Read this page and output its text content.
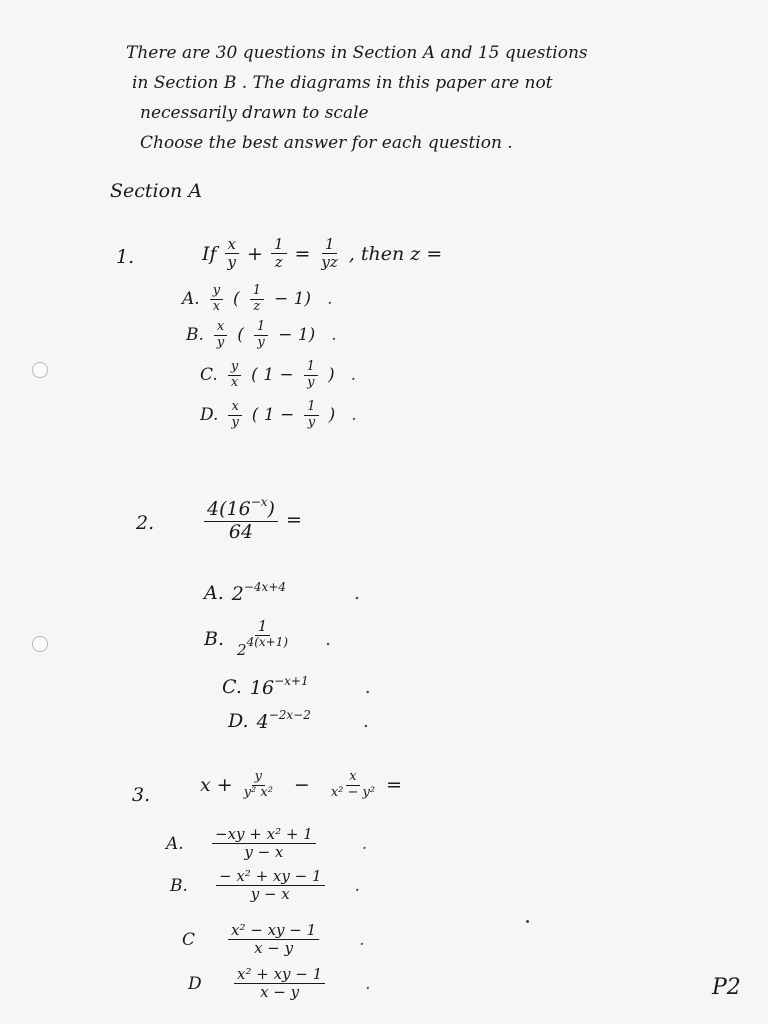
There are 30 questions in Section A and 15 questions

in Section B . The diagrams in this paper are not

necessarily drawn to scale

Choose the best answer for each question .

Section A
1.	If $\frac{x}{y} + \frac{1}{z} = \frac{1}{yz}$ , then z =
A. $\frac{y}{x}$ ( $\frac{1}{z} - 1$) .
B. $\frac{x}{y}$ ( $\frac{1}{y} - 1$) .
C. $\frac{y}{x}$ ( $1 - \frac{1}{y}$ ) .
D. $\frac{x}{y}$ ( $1 - \frac{1}{y}$ ) .
2.	$\frac{4(16^{-x})}{64}$ =
A. $2^{-4x+4}$	.
B. $\frac{1}{2^{4(x+1)}}$ .
C. $16^{-x+1}$	.
D. $4^{-2x-2}$	.
3.	$x + \frac{y}{\text{y² x²}} - \frac{x}{\text{x² − y²}}$ =
A.	$\frac{\text{−xy + x² + 1}}{y - x}$	.
B.	$\frac{\text{− x² + xy − 1}}{y - x}$ .
C	$\frac{\text{x² − xy − 1}}{x - y}$ .
D	$\frac{\text{x² + xy − 1}}{x - y}$ .	P2
